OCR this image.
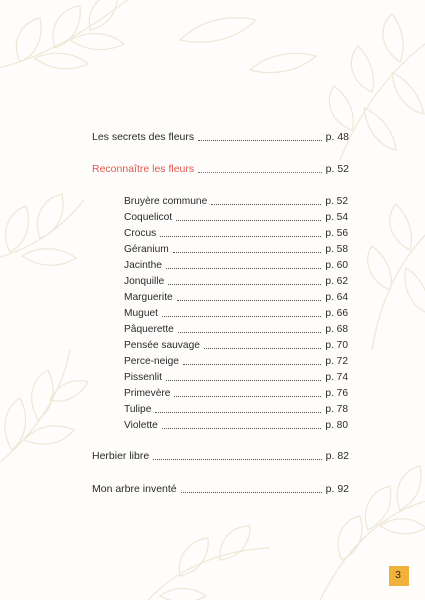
Les secrets des fleurs	p. 48
Reconnaître les fleurs	p. 52
Bruyère commune	p. 52
Coquelicot	p. 54
Crocus	p. 56
Géranium	p. 58
Jacinthe	p. 60
Jonquille	p. 62
Marguerite	p. 64
Muguet	p. 66
Pâquerette	p. 68
Pensée sauvage	p. 70
Perce-neige	p. 72
Pissenlit	p. 74
Primevère	p. 76
Tulipe	p. 78
Violette	p. 80
Herbier libre	p. 82
Mon arbre inventé	p. 92
3
